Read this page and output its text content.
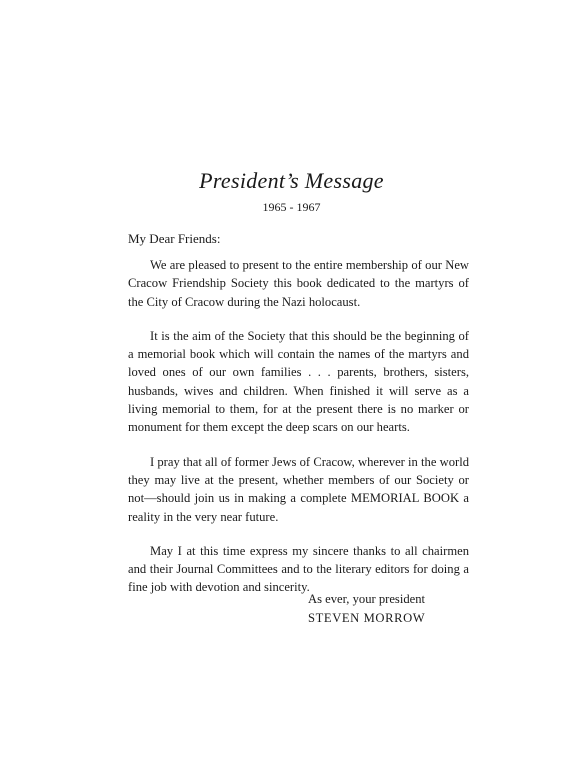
President’s Message
1965 - 1967
My Dear Friends:

We are pleased to present to the entire membership of our New Cracow Friendship Society this book dedicated to the martyrs of the City of Cracow during the Nazi holocaust.

It is the aim of the Society that this should be the beginning of a memorial book which will contain the names of the martyrs and loved ones of our own families . . . parents, brothers, sisters, husbands, wives and children. When finished it will serve as a living memorial to them, for at the present there is no marker or monument for them except the deep scars on our hearts.

I pray that all of former Jews of Cracow, wherever in the world they may live at the present, whether members of our Society or not—should join us in making a complete MEMORIAL BOOK a reality in the very near future.

May I at this time express my sincere thanks to all chairmen and their Journal Committees and to the literary editors for doing a fine job with devotion and sincerity.

As ever, your president
STEVEN MORROW
